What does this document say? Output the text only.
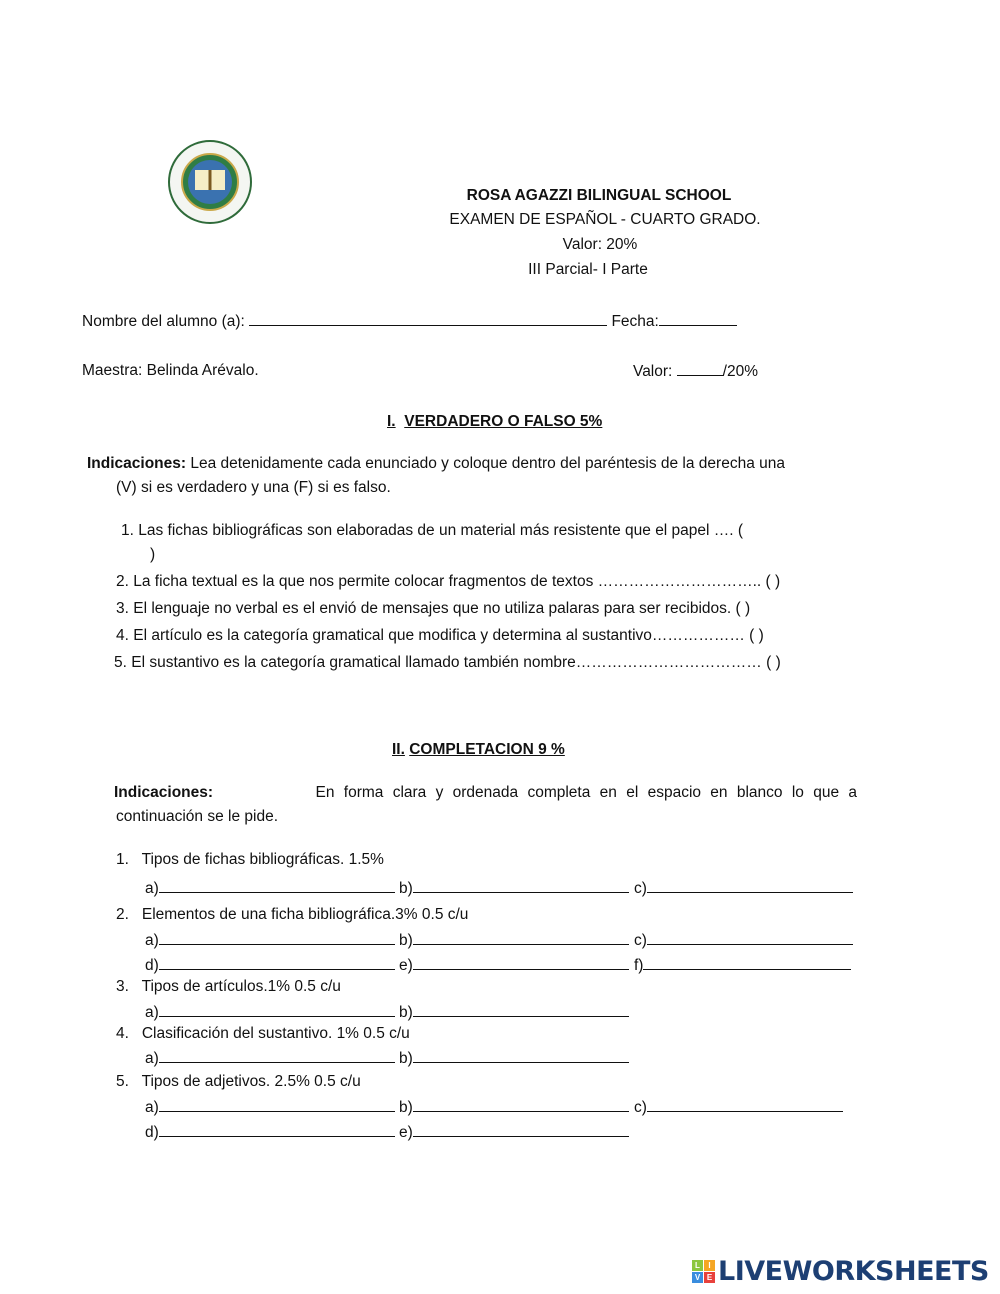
ROSA AGAZZI BILINGUAL SCHOOL
EXAMEN DE ESPAÑOL - CUARTO GRADO.
Valor: 20%
III Parcial- I Parte
Nombre del alumno (a):	Fecha:
Maestra: Belinda Arévalo.	Valor:	/20%
I. VERDADERO O FALSO 5%
Indicaciones: Lea detenidamente cada enunciado y coloque dentro del paréntesis de la derecha una
(V) si es verdadero y una (F) si es falso.
1. Las fichas bibliográficas son elaboradas de un material más resistente que el papel …. (
)
2. La ficha textual es la que nos permite colocar fragmentos de textos ………………………….. ( )
3. El lenguaje no verbal es el envió de mensajes que no utiliza palaras para ser recibidos. ( )
4. El artículo es la categoría gramatical que modifica y determina al sustantivo……………… ( )
5. El sustantivo es la categoría gramatical llamado también nombre……………………………… ( )
II. COMPLETACION 9 %
Indicaciones:	En forma clara y ordenada completa en el espacio en blanco lo que a
continuación se le pide.
1. Tipos de fichas bibliográficas. 1.5%
a)	b)	c)
2. Elementos de una ficha bibliográfica.3% 0.5 c/u
a)	b)	c)
d)	e)	f)
3. Tipos de artículos.1% 0.5 c/u
a)	b)
4. Clasificación del sustantivo. 1% 0.5 c/u
a)	b)
5. Tipos de adjetivos. 2.5% 0.5 c/u
a)	b)	c)
d)	e)
L	I
V E LIVEWORKSHEETS
